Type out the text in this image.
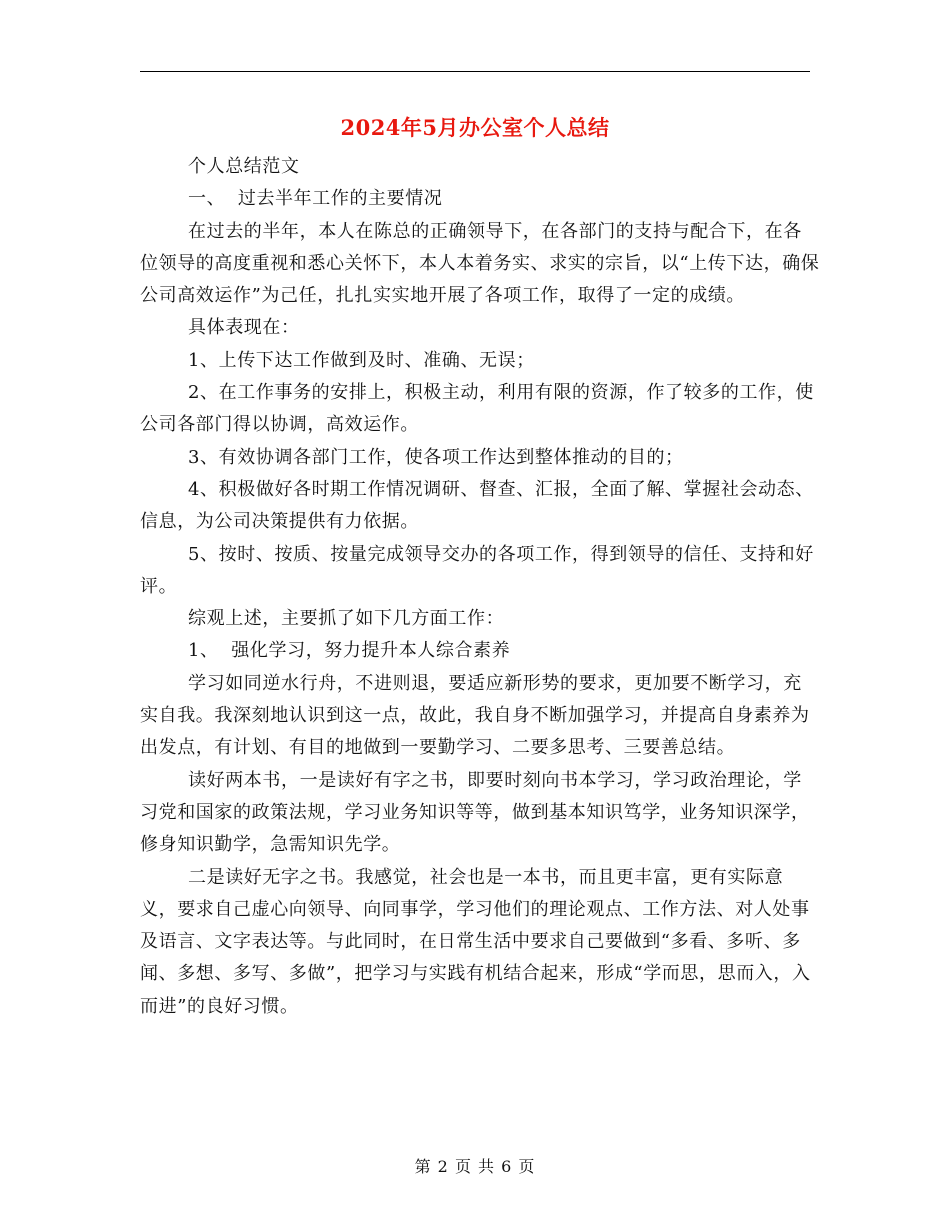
2024年5月办公室个人总结

个人总结范文

一、  过去半年工作的主要情况

在过去的半年，本人在陈总的正确领导下，在各部门的支持与配合下，在各位领导的高度重视和悉心关怀下，本人本着务实、求实的宗旨，以“上传下达，确保公司高效运作”为己任，扎扎实实地开展了各项工作，取得了一定的成绩。

具体表现在：

1、上传下达工作做到及时、准确、无误；

2、在工作事务的安排上，积极主动，利用有限的资源，作了较多的工作，使公司各部门得以协调，高效运作。

3、有效协调各部门工作，使各项工作达到整体推动的目的；

4、积极做好各时期工作情况调研、督查、汇报，全面了解、掌握社会动态、信息，为公司决策提供有力依据。

5、按时、按质、按量完成领导交办的各项工作，得到领导的信任、支持和好评。

综观上述，主要抓了如下几方面工作：

1、  强化学习，努力提升本人综合素养

学习如同逆水行舟，不进则退，要适应新形势的要求，更加要不断学习，充实自我。我深刻地认识到这一点，故此，我自身不断加强学习，并提高自身素养为出发点，有计划、有目的地做到一要勤学习、二要多思考、三要善总结。

读好两本书，一是读好有字之书，即要时刻向书本学习，学习政治理论，学习党和国家的政策法规，学习业务知识等等，做到基本知识笃学，业务知识深学，修身知识勤学，急需知识先学。

二是读好无字之书。我感觉，社会也是一本书，而且更丰富，更有实际意义，要求自己虚心向领导、向同事学，学习他们的理论观点、工作方法、对人处事及语言、文字表达等。与此同时，在日常生活中要求自己要做到“多看、多听、多闻、多想、多写、多做”，把学习与实践有机结合起来，形成“学而思，思而入，入而进”的良好习惯。

第 2 页 共 6 页
